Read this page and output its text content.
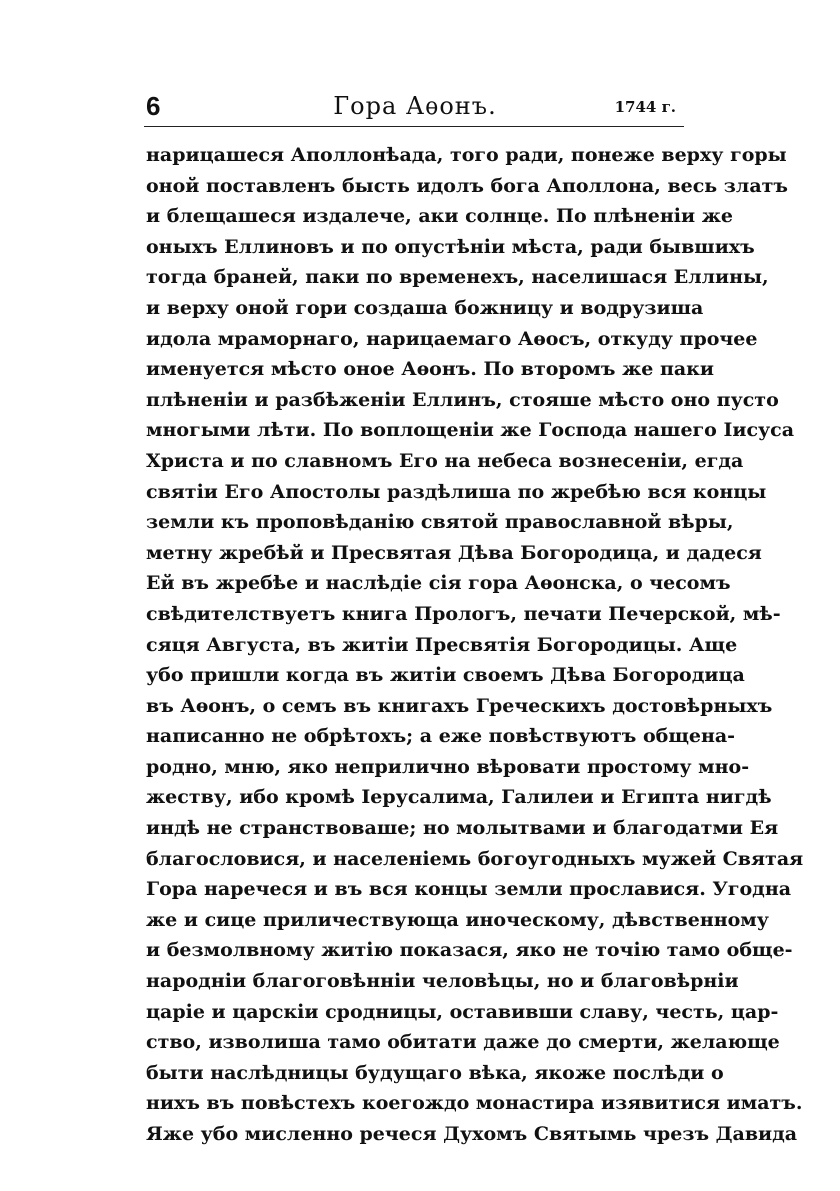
6	Гора Аѳонъ.	1744 г.
нарицашеся Аполлонѣада, того ради, понеже верху горы
оной поставленъ бысть идолъ бога Аполлона, весь златъ
и блещашеся издалече, аки солнце. По плѣненіи же
оныхъ Еллиновъ и по опустѣніи мѣста, ради бывшихъ
тогда браней, паки по временехъ, населишася Еллины,
и верху оной гори создаша божницу и водрузиша
идола мраморнаго, нарицаемаго Аѳосъ, откуду прочее
именуется мѣсто оное Аѳонъ. По второмъ же паки
плѣненіи и разбѣженіи Еллинъ, стояше мѣсто оно пусто
многыми лѣти. По воплощеніи же Господа нашего Іисуса
Христа и по славномъ Его на небеса вознесеніи, егда
святіи Его Апостолы раздѣлиша по жребѣю вся концы
земли къ проповѣданію святой православной вѣры,
метну жребѣй и Пресвятая Дѣва Богородица, и дадеся
Ей въ жребѣе и наслѣдіе сія гора Аѳонска, о чесомъ
свѣдителствуетъ книга Прологъ, печати Печерской, мѣ-
сяця Августа, въ житіи Пресвятія Богородицы. Аще
убо пришли когда въ житіи своемъ Дѣва Богородица
въ Аѳонъ, о семъ въ книгахъ Греческихъ достовѣрныхъ
написанно не обрѣтохъ; а еже повѣствуютъ общена-
родно, мню, яко неприлично вѣровати простому мно-
жеству, ибо кромѣ Іерусалима, Галилеи и Египта нигдѣ
индѣ не странствоваше; но молытвами и благодатми Ея
благословися, и населеніемь богоугодныхъ мужей Святая
Гора наречеся и въ вся концы земли прославися. Угодна
же и сице приличествующа иноческому, дѣвственному
и безмолвному житію показася, яко не точію тамо обще-
народніи благоговѣнніи человѣцы, но и благовѣрніи
царіе и царскіи сродницы, оставивши славу, честь, цар-
ство, изволиша тамо обитати даже до смерти, желающе
быти наслѣдницы будущаго вѣка, якоже послѣди о
нихъ въ повѣстехъ коегождо монастира изявитися иматъ.
Яже убо мисленно речеся Духомъ Святымь чрезъ Давида
